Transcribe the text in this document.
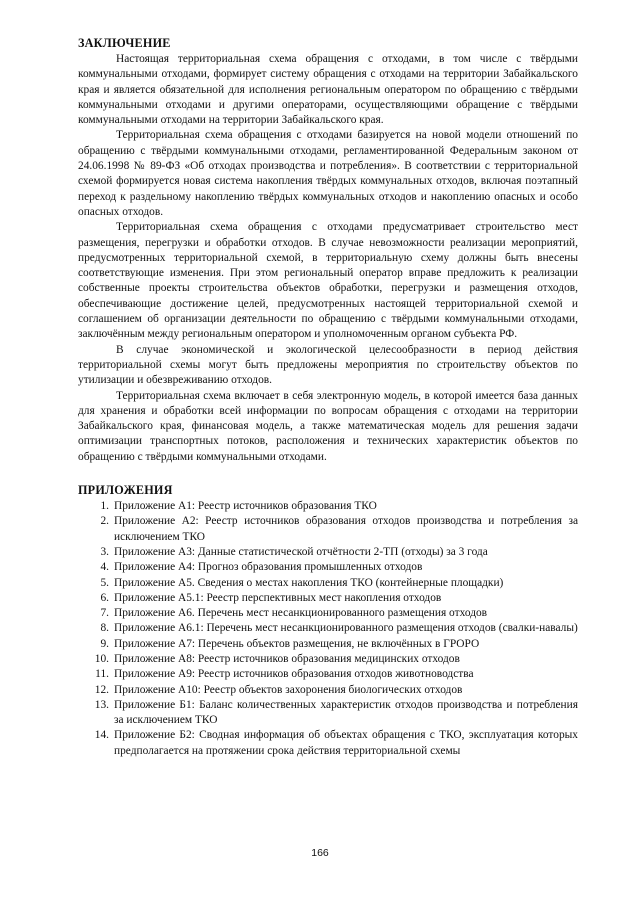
ЗАКЛЮЧЕНИЕ

Настоящая территориальная схема обращения с отходами, в том числе с твёрдыми коммунальными отходами, формирует систему обращения с отходами на территории Забайкальского края и является обязательной для исполнения региональным оператором по обращению с твёрдыми коммунальными отходами и другими операторами, осуществляющими обращение с твёрдыми коммунальными отходами на территории Забайкальского края.

Территориальная схема обращения с отходами базируется на новой модели отношений по обращению с твёрдыми коммунальными отходами, регламентированной Федеральным законом от 24.06.1998 № 89-ФЗ «Об отходах производства и потребления». В соответствии с территориальной схемой формируется новая система накопления твёрдых коммунальных отходов, включая поэтапный переход к раздельному накоплению твёрдых коммунальных отходов и накоплению опасных и особо опасных отходов.

Территориальная схема обращения с отходами предусматривает строительство мест размещения, перегрузки и обработки отходов. В случае невозможности реализации мероприятий, предусмотренных территориальной схемой, в территориальную схему должны быть внесены соответствующие изменения. При этом региональный оператор вправе предложить к реализации собственные проекты строительства объектов обработки, перегрузки и размещения отходов, обеспечивающие достижение целей, предусмотренных настоящей территориальной схемой и соглашением об организации деятельности по обращению с твёрдыми коммунальными отходами, заключённым между региональным оператором и уполномоченным органом субъекта РФ.

В случае экономической и экологической целесообразности в период действия территориальной схемы могут быть предложены мероприятия по строительству объектов по утилизации и обезвреживанию отходов.

Территориальная схема включает в себя электронную модель, в которой имеется база данных для хранения и обработки всей информации по вопросам обращения с отходами на территории Забайкальского края, финансовая модель, а также математическая модель для решения задачи оптимизации транспортных потоков, расположения и технических характеристик объектов по обращению с твёрдыми коммунальными отходами.

ПРИЛОЖЕНИЯ
1. Приложение А1: Реестр источников образования ТКО
2. Приложение А2: Реестр источников образования отходов производства и потребления за исключением ТКО
3. Приложение А3: Данные статистической отчётности 2-ТП (отходы) за 3 года
4. Приложение А4: Прогноз образования промышленных отходов
5. Приложение А5. Сведения о местах накопления ТКО (контейнерные площадки)
6. Приложение А5.1: Реестр перспективных мест накопления отходов
7. Приложение А6. Перечень мест несанкционированного размещения отходов
8. Приложение А6.1: Перечень мест несанкционированного размещения отходов (свалки-навалы)
9. Приложение А7: Перечень объектов размещения, не включённых в ГРОРО
10. Приложение А8: Реестр источников образования медицинских отходов
11. Приложение А9: Реестр источников образования отходов животноводства
12. Приложение А10: Реестр объектов захоронения биологических отходов
13. Приложение Б1: Баланс количественных характеристик отходов производства и потребления за исключением ТКО
14. Приложение Б2: Сводная информация об объектах обращения с ТКО, эксплуатация которых предполагается на протяжении срока действия территориальной схемы
166
